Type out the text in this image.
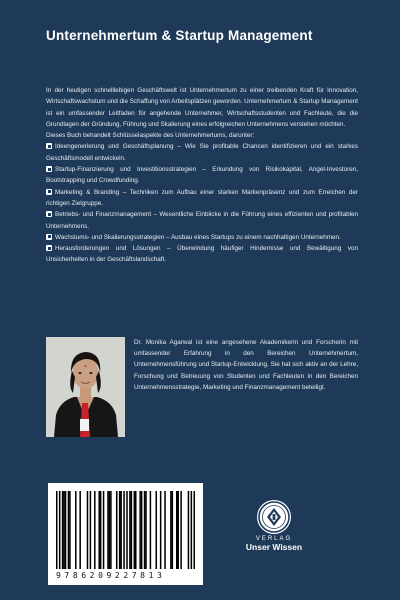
Unternehmertum & Startup Management

In der heutigen schnelllebigen Geschäftswelt ist Unternehmertum zu einer treibenden Kraft für Innovation, Wirtschaftswachstum und die Schaffung von Arbeitsplätzen geworden. Unternehmertum & Startup Management ist ein umfassender Leitfaden für angehende Unternehmer, Wirtschaftsstudenten und Fachleute, die die Grundlagen der Gründung, Führung und Skalierung eines erfolgreichen Unternehmens verstehen möchten.

Dieses Buch behandelt Schlüsselaspekte des Unternehmertums, darunter:

Ideengenerierung und Geschäftsplanung – Wie Sie profitable Chancen identifizieren und ein starkes Geschäftsmodell entwickeln.
Startup-Finanzierung und Investitionsstrategien – Erkundung von Risikokapital, Angel-Investoren, Bootstrapping und Crowdfunding.
Marketing & Branding – Techniken zum Aufbau einer starken Markenpräsenz und zum Erreichen der richtigen Zielgruppe.
Betriebs- und Finanzmanagement – Wesentliche Einblicke in die Führung eines effizienten und profitablen Unternehmens.
Wachstums- und Skalierungsstrategien – Ausbau eines Startups zu einem nachhaltigen Unternehmen.
Herausforderungen und Lösungen – Überwindung häufiger Hindernisse und Bewältigung von Unsicherheiten in der Geschäftslandschaft.

Dr. Monika Agarwal ist eine angesehene Akademikerin und Forscherin mit umfassender Erfahrung in den Bereichen Unternehmertum, Unternehmensführung und Startup-Entwicklung. Sie hat sich aktiv an der Lehre, Forschung und Betreuung von Studenten und Fachleuten in den Bereichen Unternehmensstrategie, Marketing und Finanzmanagement beteiligt.

9786209227813
VERLAG
Unser Wissen
